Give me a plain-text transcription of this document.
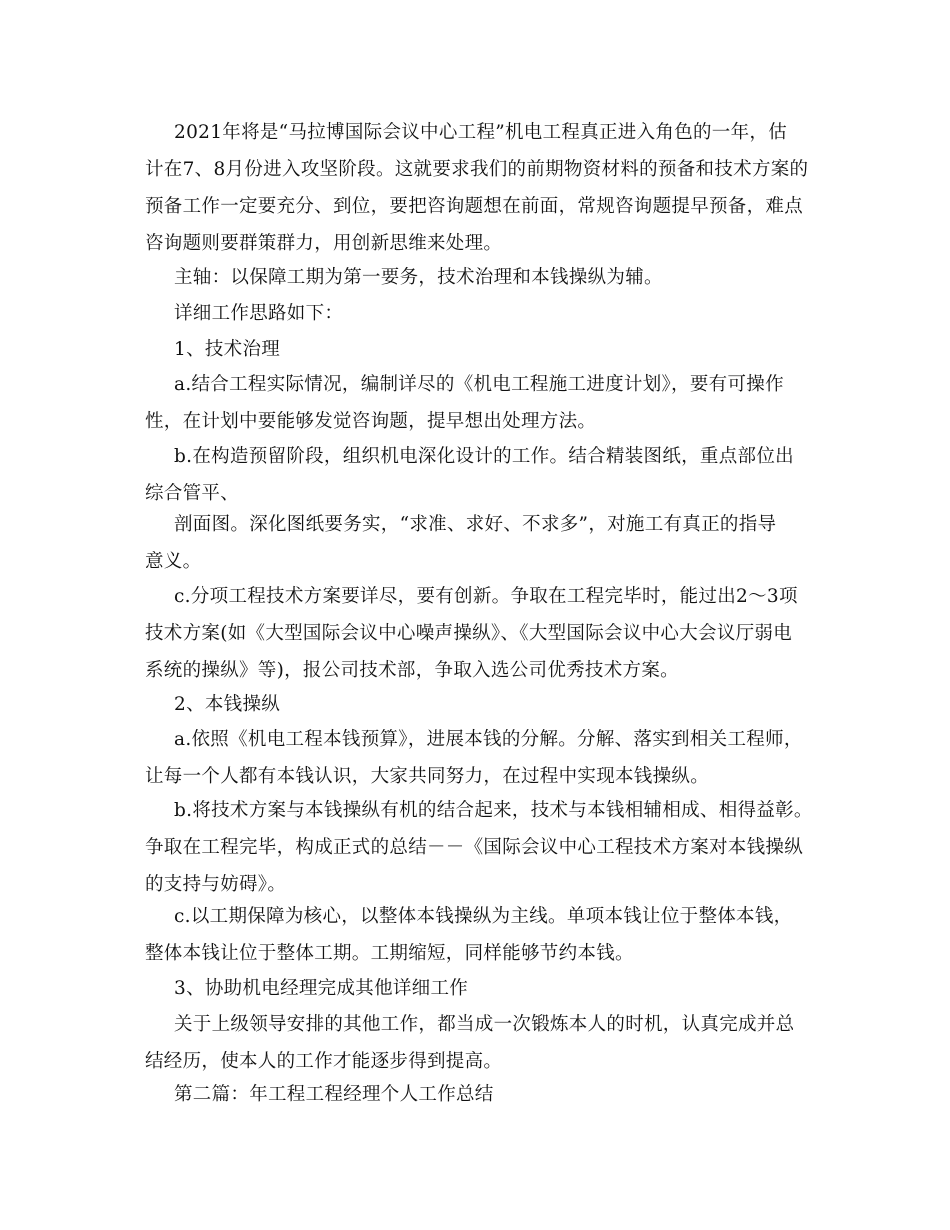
2021年将是“马拉博国际会议中心工程”机电工程真正进入角色的一年，估
计在7、8月份进入攻坚阶段。这就要求我们的前期物资材料的预备和技术方案的
预备工作一定要充分、到位，要把咨询题想在前面，常规咨询题提早预备，难点
咨询题则要群策群力，用创新思维来处理。

主轴：以保障工期为第一要务，技术治理和本钱操纵为辅。

详细工作思路如下：

1、技术治理

a.结合工程实际情况，编制详尽的《机电工程施工进度计划》，要有可操作
性，在计划中要能够发觉咨询题，提早想出处理方法。

b.在构造预留阶段，组织机电深化设计的工作。结合精装图纸，重点部位出
综合管平、

剖面图。深化图纸要务实，“求准、求好、不求多”，对施工有真正的指导
意义。

c.分项工程技术方案要详尽，要有创新。争取在工程完毕时，能过出2～3项
技术方案(如《大型国际会议中心噪声操纵》、《大型国际会议中心大会议厅弱电
系统的操纵》等)，报公司技术部，争取入选公司优秀技术方案。

2、本钱操纵

a.依照《机电工程本钱预算》，进展本钱的分解。分解、落实到相关工程师，
让每一个人都有本钱认识，大家共同努力，在过程中实现本钱操纵。

b.将技术方案与本钱操纵有机的结合起来，技术与本钱相辅相成、相得益彰。
争取在工程完毕，构成正式的总结－－《国际会议中心工程技术方案对本钱操纵
的支持与妨碍》。

c.以工期保障为核心，以整体本钱操纵为主线。单项本钱让位于整体本钱，
整体本钱让位于整体工期。工期缩短，同样能够节约本钱。

3、协助机电经理完成其他详细工作

关于上级领导安排的其他工作，都当成一次锻炼本人的时机，认真完成并总
结经历，使本人的工作才能逐步得到提高。

第二篇：年工程工程经理个人工作总结
